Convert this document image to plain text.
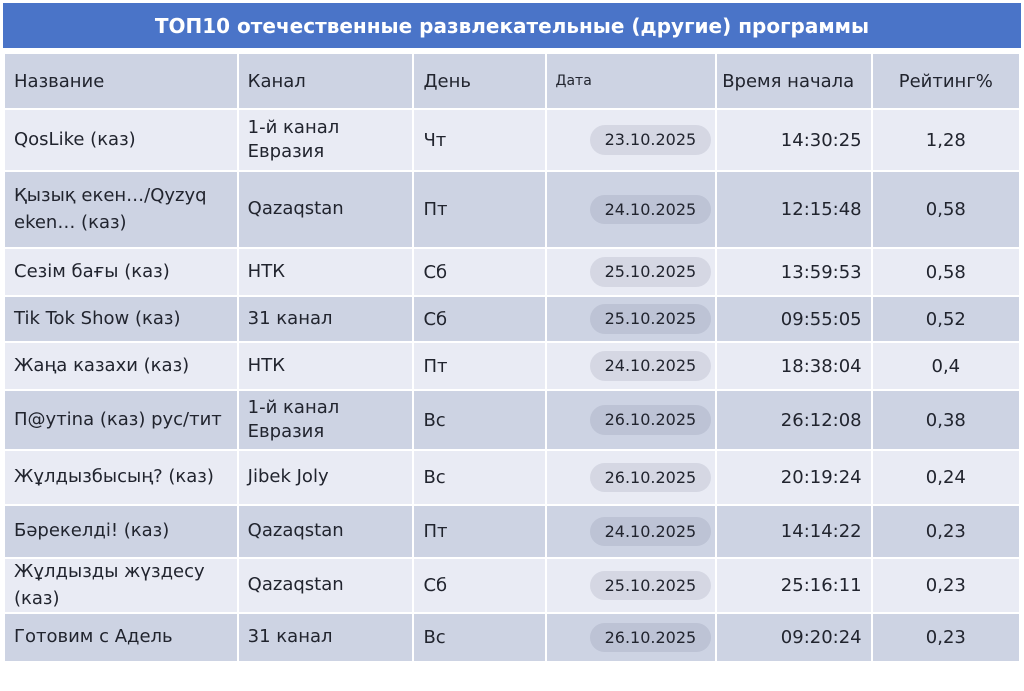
ТОП10 отечественные развлекательные (другие) программы
Название	Канал	День	Дата	Время начала	Рейтинг%
QosLike (каз)	1-й канал Евразия	Чт	23.10.2025	14:30:25	1,28
Қызық екен…/Qyzyq eken… (каз)	Qazaqstan	Пт	24.10.2025	12:15:48	0,58
Сезім бағы (каз)	НТК	Сб	25.10.2025	13:59:53	0,58
Tik Tok Show (каз)	31 канал	Сб	25.10.2025	09:55:05	0,52
Жаңа казахи (каз)	НТК	Пт	24.10.2025	18:38:04	0,4
П@утina (каз) рус/тит	1-й канал Евразия	Вс	26.10.2025	26:12:08	0,38
Жұлдызбысың? (каз)	Jibek Joly	Вс	26.10.2025	20:19:24	0,24
Бәрекелді! (каз)	Qazaqstan	Пт	24.10.2025	14:14:22	0,23
Жұлдызды жүздесу (каз)	Qazaqstan	Сб	25.10.2025	25:16:11	0,23
Готовим с Адель	31 канал	Вс	26.10.2025	09:20:24	0,23
